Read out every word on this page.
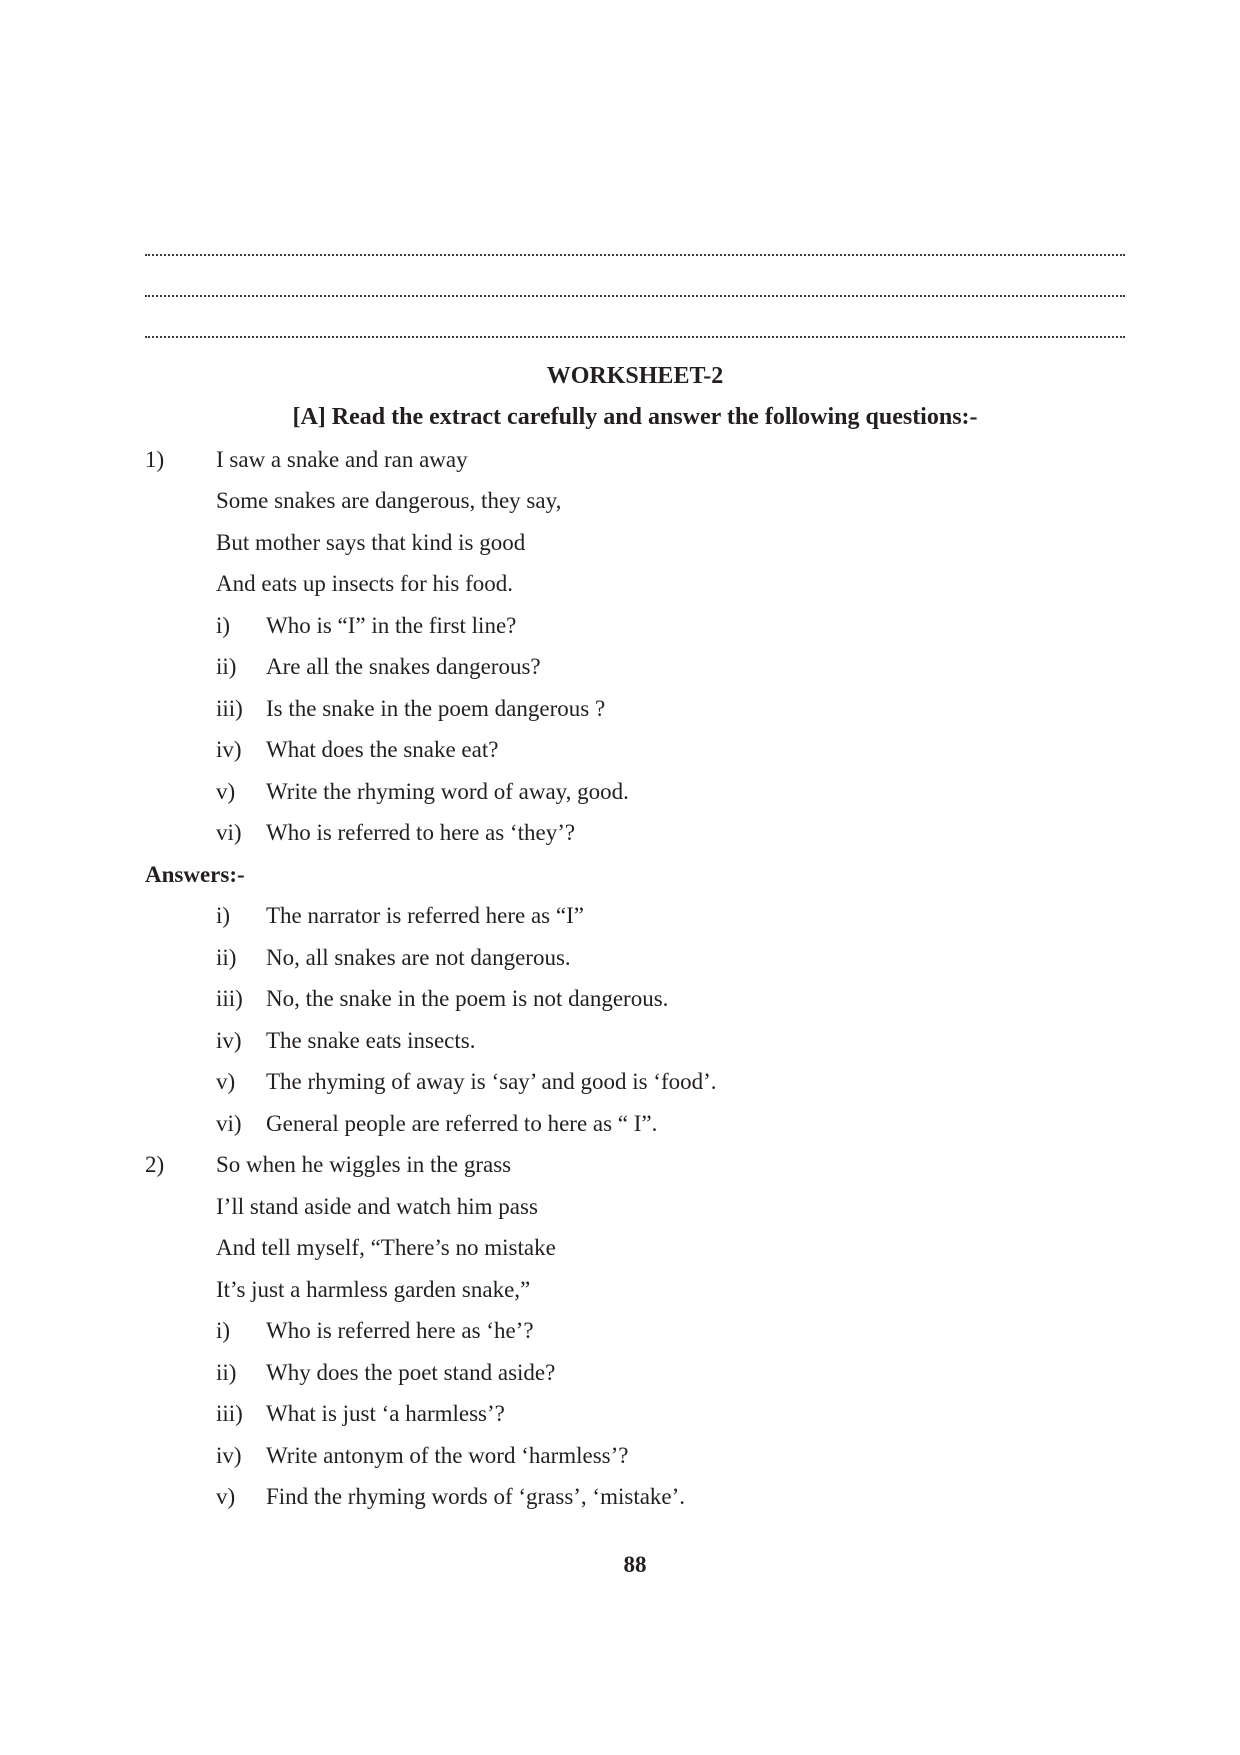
WORKSHEET-2
[A] Read the extract carefully and answer the following questions:-
1) I saw a snake and ran away
Some snakes are dangerous, they say,
But mother says that kind is good
And eats up insects for his food.
i) Who is “I” in the first line?
ii) Are all the snakes dangerous?
iii) Is the snake in the poem dangerous ?
iv) What does the snake eat?
v) Write the rhyming word of away, good.
vi) Who is referred to here as ‘they’?
Answers:-
i) The narrator is referred here as “I”
ii) No, all snakes are not dangerous.
iii) No, the snake in the poem is not dangerous.
iv) The snake eats insects.
v) The rhyming of away is ‘say’ and good is ‘food’.
vi) General people are referred to here as “ I”.
2) So when he wiggles in the grass
I’ll stand aside and watch him pass
And tell myself, “There’s no mistake
It’s just a harmless garden snake,”
i) Who is referred here as ‘he’?
ii) Why does the poet stand aside?
iii) What is just ‘a harmless’?
iv) Write antonym of the word ‘harmless’?
v) Find the rhyming words of ‘grass’, ‘mistake’.
88
